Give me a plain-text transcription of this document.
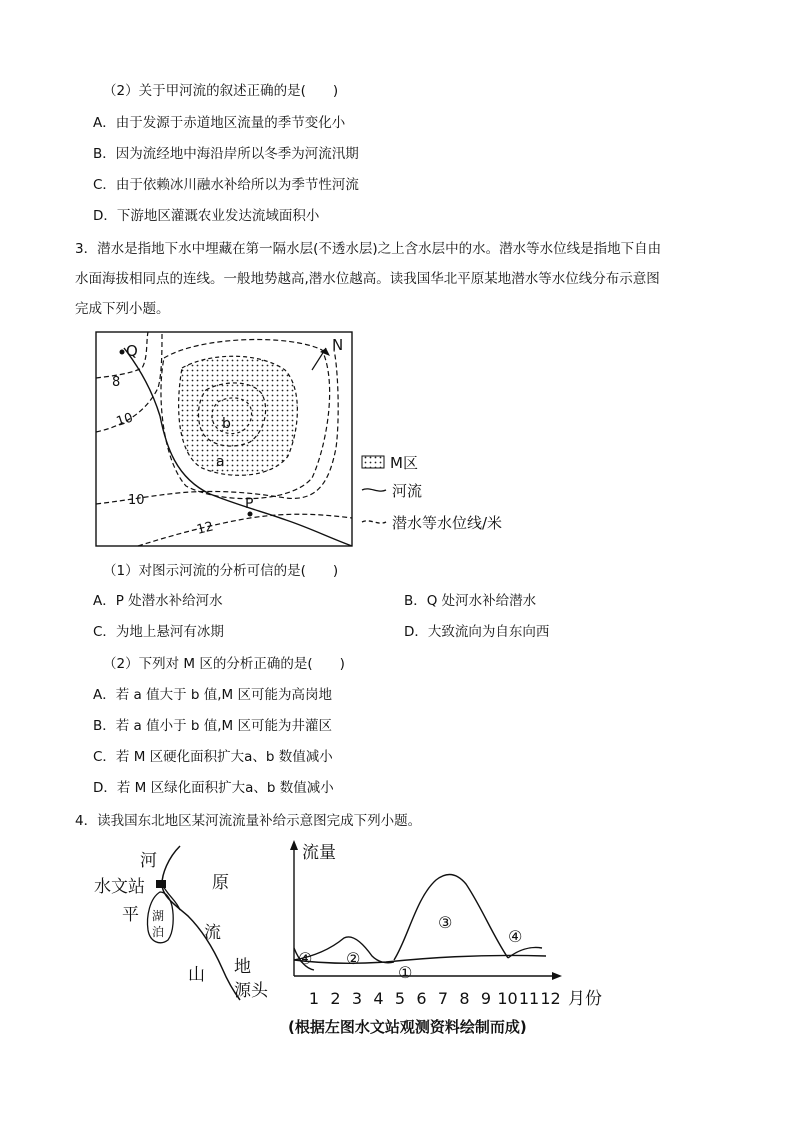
（2）关于甲河流的叙述正确的是(　　)
A．由于发源于赤道地区流量的季节变化小
B．因为流经地中海沿岸所以冬季为河流汛期
C．由于依赖冰川融水补给所以为季节性河流
D．下游地区灌溉农业发达流域面积小
3．潜水是指地下水中埋藏在第一隔水层(不透水层)之上含水层中的水。潜水等水位线是指地下自由
水面海拔相同点的连线。一般地势越高,潜水位越高。读我国华北平原某地潜水等水位线分布示意图
完成下列小题。
N
Q
P
b
a
8
10
10
12
M区
河流
潜水等水位线/米
（1）对图示河流的分析可信的是(　　)
A．P 处潜水补给河水	B．Q 处河水补给潜水
C．为地上悬河有冰期	D．大致流向为自东向西
（2）下列对 M 区的分析正确的是(　　)
A．若 a 值大于 b 值,M 区可能为高岗地
B．若 a 值小于 b 值,M 区可能为井灌区
C．若 M 区硬化面积扩大a、b 数值减小
D．若 M 区绿化面积扩大a、b 数值减小
4．读我国东北地区某河流流量补给示意图完成下列小题。
河
水文站	原
平 湖
泊 流
山 地
源头
流量
月份
①
②
③
④
④
1 2 3 4 5 6 7 8 9 10 11 12
(根据左图水文站观测资料绘制而成)
